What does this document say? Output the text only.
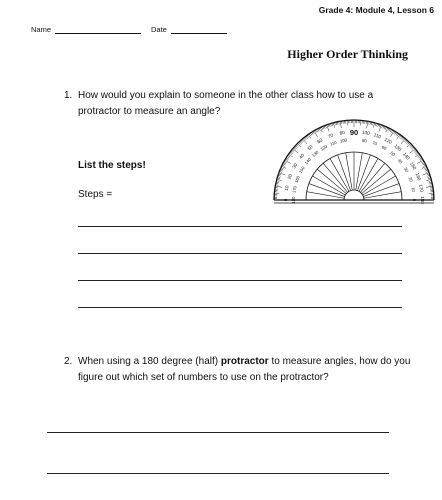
Grade 4: Module 4, Lesson 6
Name	Date
Higher Order Thinking
1. How would you explain to someone in the other class how to use a protractor to measure an angle?
List the steps!
Steps =	0 180
10 170
20 160
30 150
40
140
50
130
60
120
70
110
80
100
100
80
110
70 120
60 130
50 140
40
150
30
160
20
170
10
180
0
90
2. When using a 180 degree (half) protractor to measure angles, how do you figure out which set of numbers to use on the protractor?
